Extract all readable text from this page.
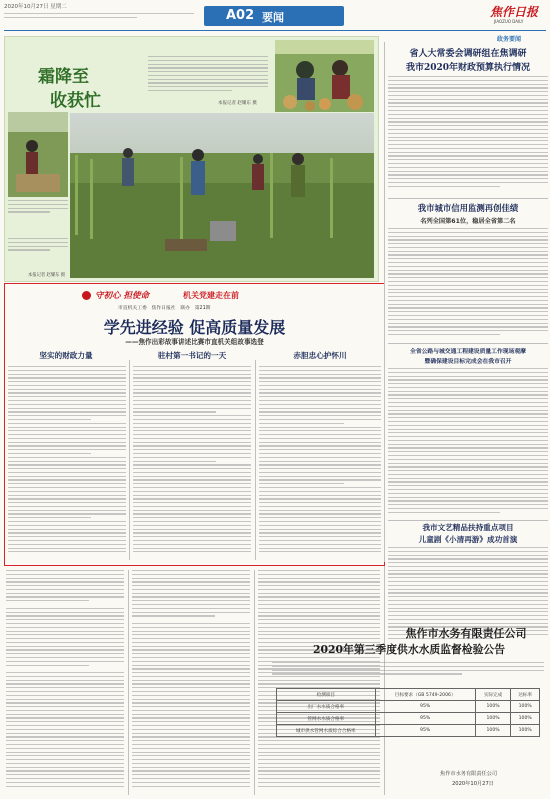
2020年10月27日 星期二
A02 要闻	焦作日报
JIAOZUO DAILY
政务要闻
霜降至
收获忙	本报记者 赵耀东 摄
本报记者 赵耀东 摄
守初心 担使命	机关党建走在前
市直机关工委　焦作日报社　联办　第21期
学先进经验 促高质量发展
——焦作出彩故事讲述比赛市直机关组故事选登
坚实的财政力量	驻村第一书记的一天	赤胆忠心护怀川
省人大常委会调研组在焦调研
我市2020年财政预算执行情况
我市城市信用监测再创佳绩
名列全国第61位，稳居全省第二名
全省公路与城交通工程建设质量工作现场观摩
暨确保建设目标完成会在我市召开
我市文艺精品扶持重点项目
儿童剧《小清再游》成功首演
焦作市水务有限责任公司
2020年第三季度供水水质监督检验公告
检测项目	目标要求（GB 5749-2006）	实际完成	达标率
出厂水水质合格率	95%	100%	100%
管网水水质合格率	95%	100%	100%
城市供水管网水质综合合格率	95%	100%	100%
焦作市水务有限责任公司
2020年10月27日
